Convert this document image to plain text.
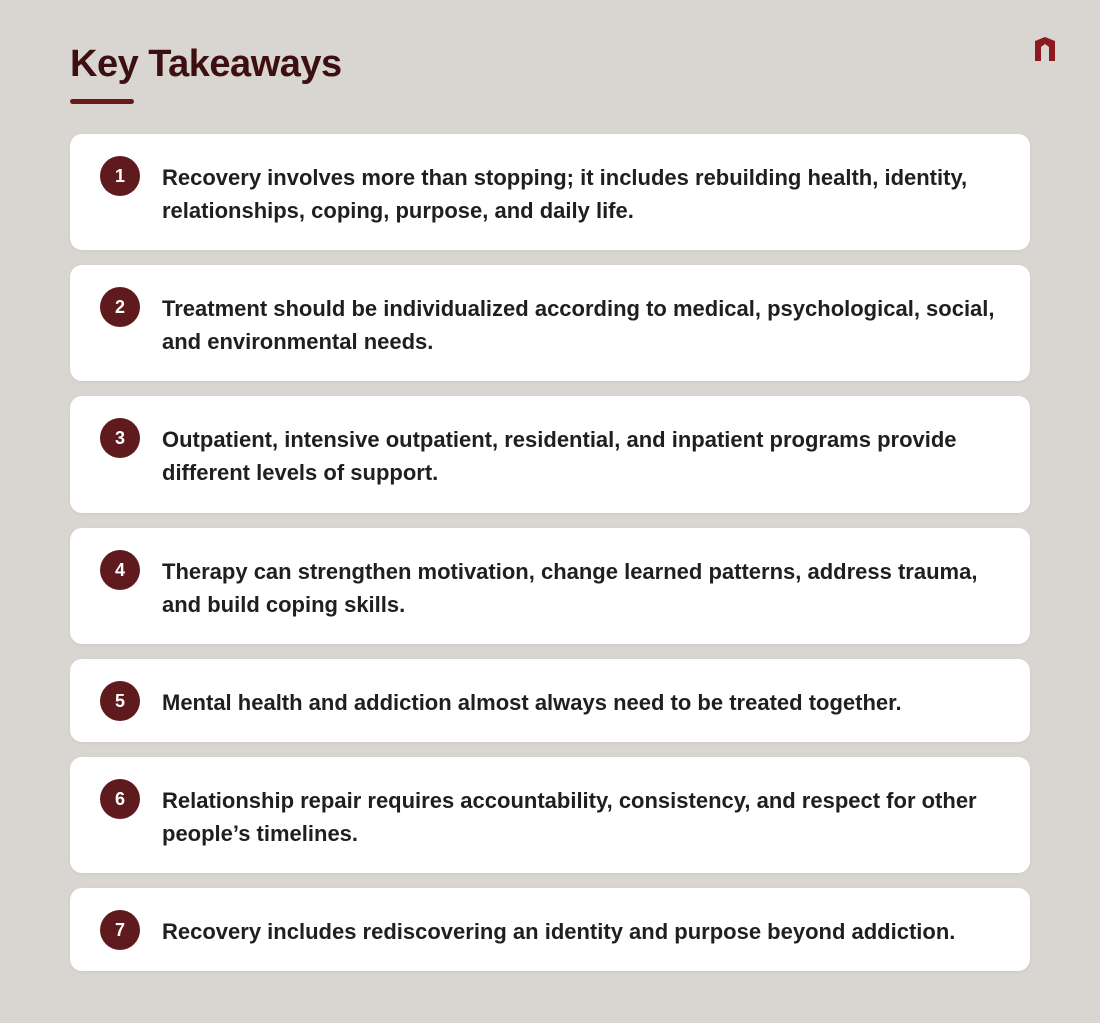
Key Takeaways
1	Recovery involves more than stopping; it includes rebuilding health, identity, relationships, coping, purpose, and daily life.

2	Treatment should be individualized according to medical, psychological, social, and environmental needs.

3	Outpatient, intensive outpatient, residential, and inpatient programs provide different levels of support.

4	Therapy can strengthen motivation, change learned patterns, address trauma, and build coping skills.

5	Mental health and addiction almost always need to be treated together.

6	Relationship repair requires accountability, consistency, and respect for other people’s timelines.

7	Recovery includes rediscovering an identity and purpose beyond addiction.
